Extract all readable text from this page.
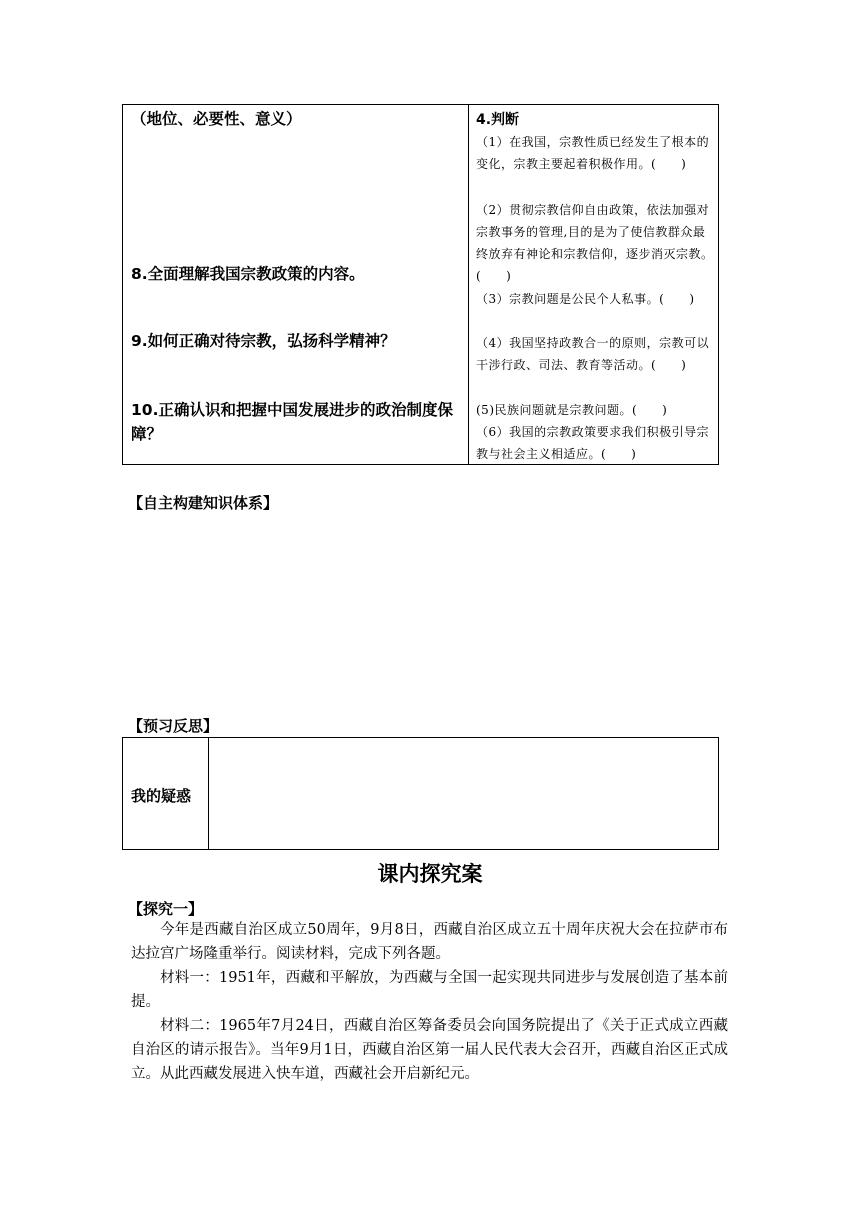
（地位、必要性、意义）
8.全面理解我国宗教政策的内容。
9.如何正确对待宗教，弘扬科学精神？
10.正确认识和把握中国发展进步的政治制度保障？
4.判断
（1）在我国，宗教性质已经发生了根本的变化，宗教主要起着积极作用。(　　)
（2）贯彻宗教信仰自由政策，依法加强对宗教事务的管理,目的是为了使信教群众最终放弃有神论和宗教信仰，逐步消灭宗教。(　　)
（3）宗教问题是公民个人私事。(　　)
（4）我国坚持政教合一的原则，宗教可以干涉行政、司法、教育等活动。(　　)
(5)民族问题就是宗教问题。(　　)
（6）我国的宗教政策要求我们积极引导宗教与社会主义相适应。(　　)
【自主构建知识体系】
【预习反思】
我的疑惑
课内探究案
【探究一】
今年是西藏自治区成立50周年，9月8日，西藏自治区成立五十周年庆祝大会在拉萨市布达拉宫广场隆重举行。阅读材料，完成下列各题。
材料一：1951年，西藏和平解放，为西藏与全国一起实现共同进步与发展创造了基本前提。
材料二：1965年7月24日，西藏自治区筹备委员会向国务院提出了《关于正式成立西藏自治区的请示报告》。当年9月1日，西藏自治区第一届人民代表大会召开，西藏自治区正式成立。从此西藏发展进入快车道，西藏社会开启新纪元。
